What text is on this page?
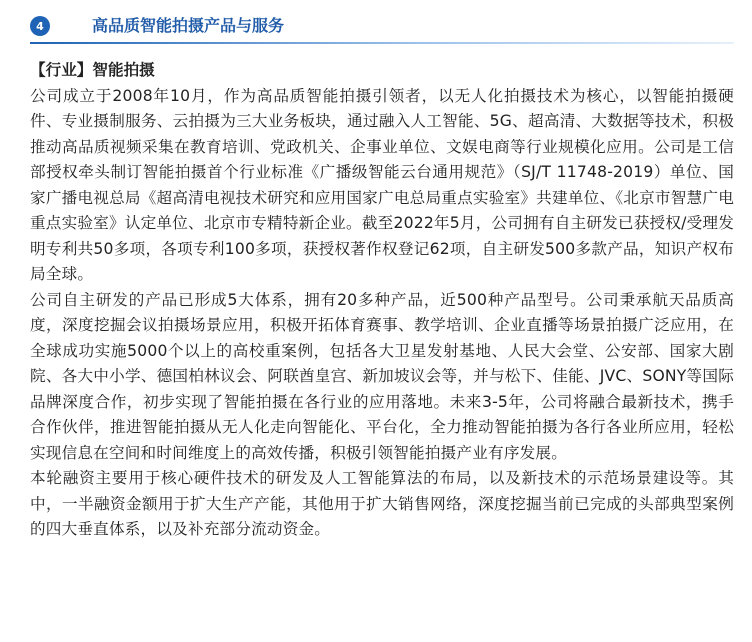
4	高品质智能拍摄产品与服务

【行业】智能拍摄

公司成立于2008年10月，作为高品质智能拍摄引领者，以无人化拍摄技术为核心，以智能拍摄硬件、专业摄制服务、云拍摄为三大业务板块，通过融入人工智能、5G、超高清、大数据等技术，积极推动高品质视频采集在教育培训、党政机关、企事业单位、文娱电商等行业规模化应用。公司是工信部授权牵头制订智能拍摄首个行业标准《广播级智能云台通用规范》（SJ/T 11748-2019）单位、国家广播电视总局《超高清电视技术研究和应用国家广电总局重点实验室》共建单位、《北京市智慧广电重点实验室》认定单位、北京市专精特新企业。截至2022年5月，公司拥有自主研发已获授权/受理发明专利共50多项，各项专利100多项，获授权著作权登记62项，自主研发500多款产品，知识产权布局全球。

公司自主研发的产品已形成5大体系，拥有20多种产品，近500种产品型号。公司秉承航天品质高度，深度挖掘会议拍摄场景应用，积极开拓体育赛事、教学培训、企业直播等场景拍摄广泛应用，在全球成功实施5000个以上的高校重案例，包括各大卫星发射基地、人民大会堂、公安部、国家大剧院、各大中小学、德国柏林议会、阿联酋皇宫、新加坡议会等，并与松下、佳能、JVC、SONY等国际品牌深度合作，初步实现了智能拍摄在各行业的应用落地。未来3-5年，公司将融合最新技术，携手合作伙伴，推进智能拍摄从无人化走向智能化、平台化，全力推动智能拍摄为各行各业所应用，轻松实现信息在空间和时间维度上的高效传播，积极引领智能拍摄产业有序发展。

本轮融资主要用于核心硬件技术的研发及人工智能算法的布局，以及新技术的示范场景建设等。其中，一半融资金额用于扩大生产产能，其他用于扩大销售网络，深度挖掘当前已完成的头部典型案例的四大垂直体系，以及补充部分流动资金。
